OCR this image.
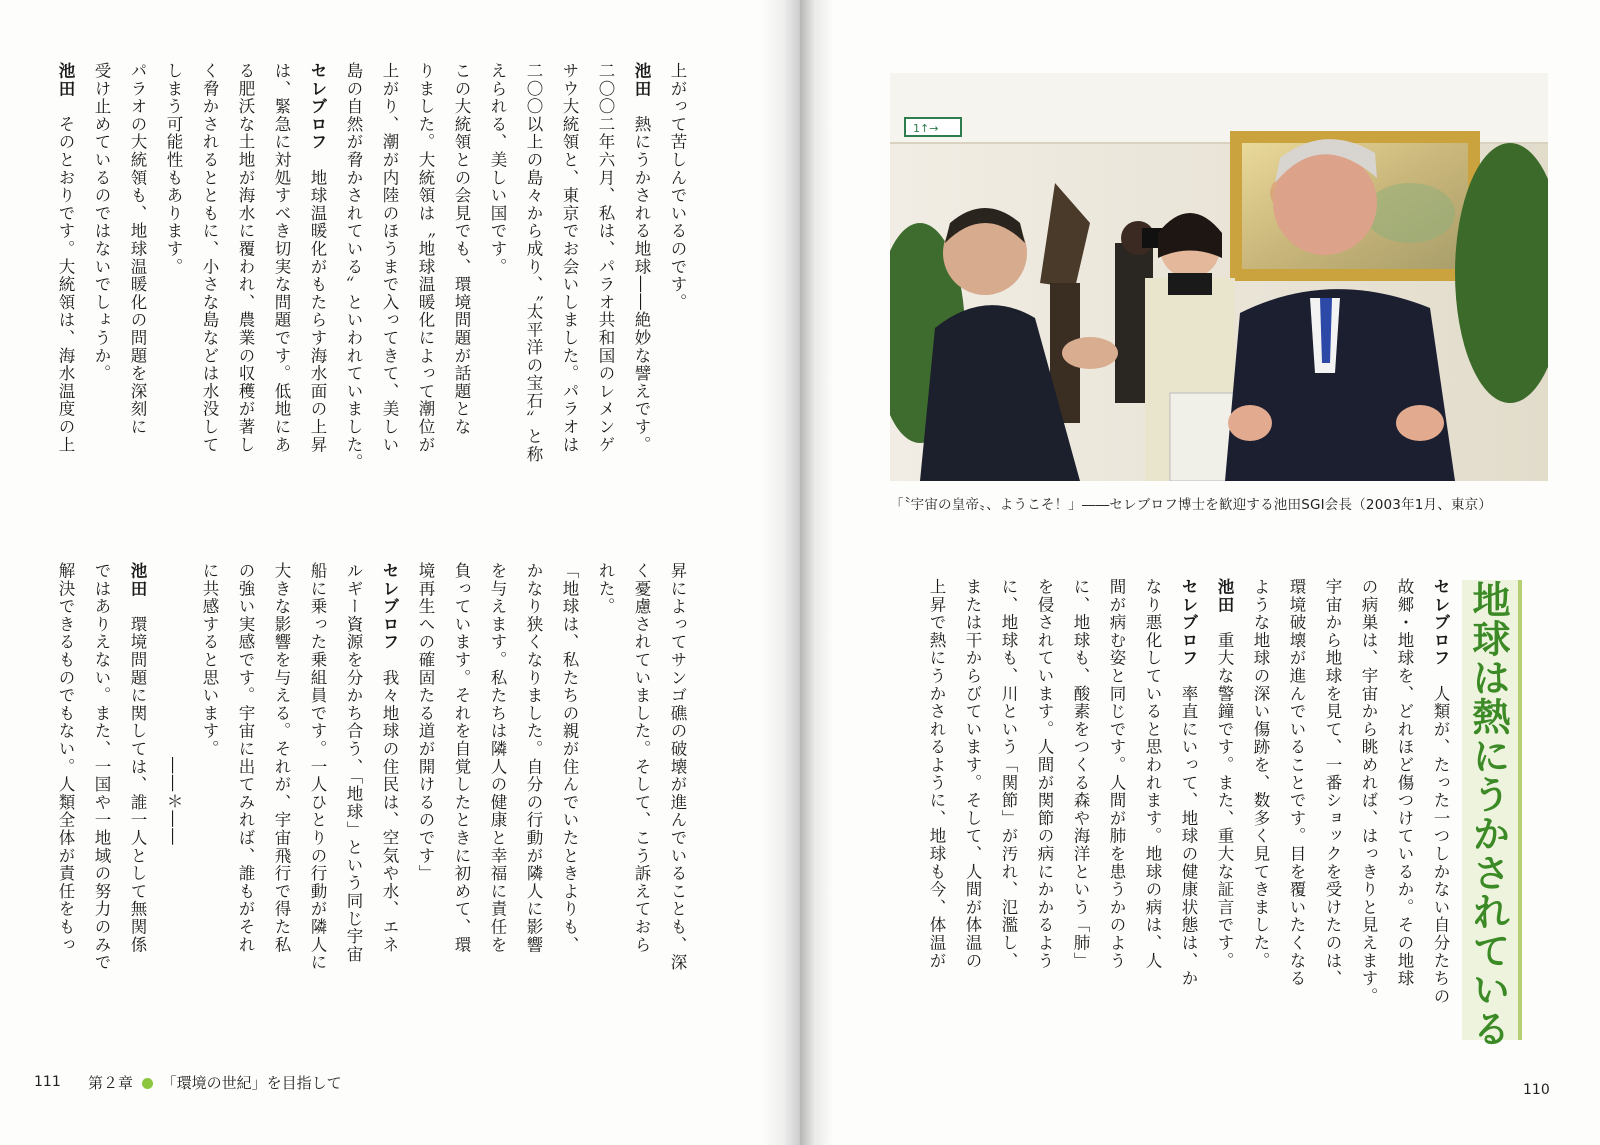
上がって苦しんでいるのです。

池田　熱にうかされる地球――絶妙な譬えです。

二〇〇二年六月、私は、パラオ共和国のレメンゲ

サウ大統領と、東京でお会いしました。パラオは

二〇〇以上の島々から成り、〝太平洋の宝石〟と称

えられる、美しい国です。

この大統領との会見でも、環境問題が話題とな

りました。大統領は〝地球温暖化によって潮位が

上がり、潮が内陸のほうまで入ってきて、美しい

島の自然が脅かされている〟といわれていました。

セレブロフ　地球温暖化がもたらす海水面の上昇

は、緊急に対処すべき切実な問題です。低地にあ

る肥沃な土地が海水に覆われ、農業の収穫が著し

く脅かされるとともに、小さな島などは水没して

しまう可能性もあります。

パラオの大統領も、地球温暖化の問題を深刻に

受け止めているのではないでしょうか。

池田　そのとおりです。大統領は、海水温度の上

昇によってサンゴ礁の破壊が進んでいることも、深

く憂慮されていました。そして、こう訴えておら

れた。

「地球は、私たちの親が住んでいたときよりも、

かなり狭くなりました。自分の行動が隣人に影響

を与えます。私たちは隣人の健康と幸福に責任を

負っています。それを自覚したときに初めて、環

境再生への確固たる道が開けるのです」

セレブロフ　我々地球の住民は、空気や水、エネ

ルギー資源を分かち合う、「地球」という同じ宇宙

船に乗った乗組員です。一人ひとりの行動が隣人に

大きな影響を与える。それが、宇宙飛行で得た私

の強い実感です。宇宙に出てみれば、誰もがそれ

に共感すると思います。

――＊――

池田　環境問題に関しては、誰一人として無関係

ではありえない。また、一国や一地域の努力のみで

解決できるものでもない。人類全体が責任をもっ

第２章 「環境の世紀」を目指して
111

セレブロフ　人類が、たった一つしかない自分たちの

故郷・地球を、どれほど傷つけているか。その地球

の病巣は、宇宙から眺めれば、はっきりと見えます。

宇宙から地球を見て、一番ショックを受けたのは、

環境破壊が進んでいることです。目を覆いたくなる

ような地球の深い傷跡を、数多く見てきました。

池田　重大な警鐘です。また、重大な証言です。

セレブロフ　率直にいって、地球の健康状態は、か

なり悪化していると思われます。地球の病は、人

間が病む姿と同じです。人間が肺を患うかのよう

に、地球も、酸素をつくる森や海洋という「肺」

を侵されています。人間が関節の病にかかるよう

に、地球も、川という「関節」が汚れ、氾濫し、

または干からびています。そして、人間が体温の

上昇で熱にうかされるように、地球も今、体温が

1↑→
「〝宇宙の皇帝〟、ようこそ！」――セレブロフ博士を歓迎する池田SGI会長（2003年1月、東京）
地球は熱にうかされている
110
